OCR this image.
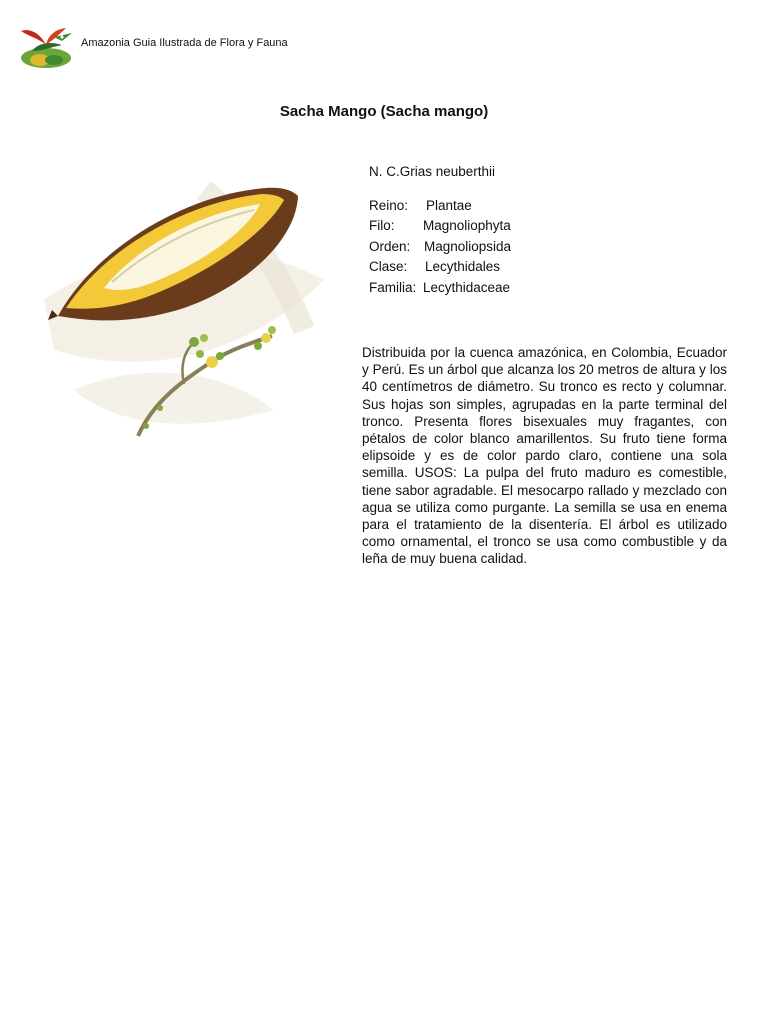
Amazonia Guia Ilustrada de Flora y Fauna
Sacha Mango (Sacha mango)
N. C.Grias neuberthii
Reino:	Plantae
Filo:	Magnoliophyta
Orden:	Magnoliopsida
Clase:	Lecythidales
Familia: Lecythidaceae
Distribuida por la cuenca amazónica, en Colombia, Ecuador y Perú. Es un árbol que alcanza los 20 metros de altura y los 40 centímetros de diámetro. Su tronco es recto y columnar. Sus hojas son simples, agrupadas en la parte terminal del tronco. Presenta flores bisexuales muy fragantes, con pétalos de color blanco amarillentos. Su fruto tiene forma elipsoide y es de color pardo claro, contiene una sola semilla. USOS: La pulpa del fruto maduro es comestible, tiene sabor agradable. El mesocarpo rallado y mezclado con agua se utiliza como purgante. La semilla se usa en enema para el tratamiento de la disentería. El árbol es utilizado como ornamental, el tronco se usa como combustible y da leña de muy buena calidad.
